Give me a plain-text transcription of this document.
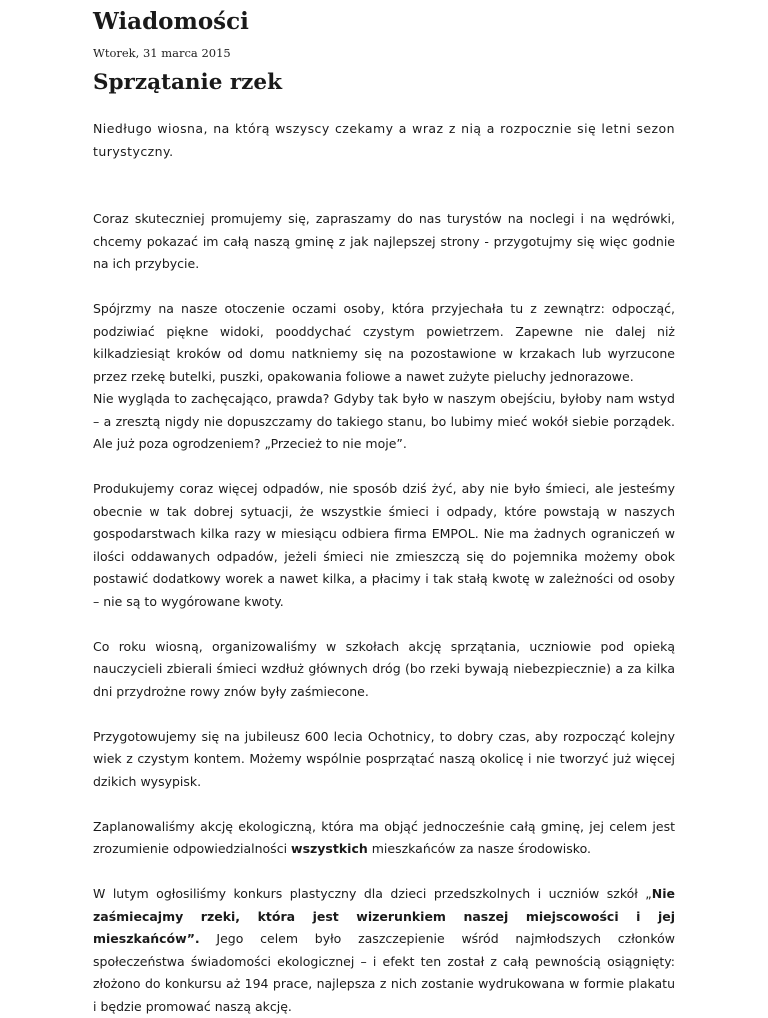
Wiadomości
Wtorek, 31 marca 2015
Sprzątanie rzek

Niedługo wiosna, na którą wszyscy czekamy a wraz z nią a rozpocznie się letni sezon turystyczny.

Coraz skuteczniej promujemy się, zapraszamy do nas turystów na noclegi i na wędrówki, chcemy pokazać im całą naszą gminę z jak najlepszej strony - przygotujmy się więc godnie na ich przybycie.

Spójrzmy na nasze otoczenie oczami osoby, która przyjechała tu z zewnątrz: odpocząć, podziwiać piękne widoki, pooddychać czystym powietrzem. Zapewne nie dalej niż kilkadziesiąt kroków od domu natkniemy się na pozostawione w krzakach lub wyrzucone przez rzekę butelki, puszki, opakowania foliowe a nawet zużyte pieluchy jednorazowe.

Nie wygląda to zachęcająco, prawda? Gdyby tak było w naszym obejściu, byłoby nam wstyd – a zresztą nigdy nie dopuszczamy do takiego stanu, bo lubimy mieć wokół siebie porządek. Ale już poza ogrodzeniem? „Przecież to nie moje”.

Produkujemy coraz więcej odpadów, nie sposób dziś żyć, aby nie było śmieci, ale jesteśmy obecnie w tak dobrej sytuacji, że wszystkie śmieci i odpady, które powstają w naszych gospodarstwach kilka razy w miesiącu odbiera firma EMPOL. Nie ma żadnych ograniczeń w ilości oddawanych odpadów, jeżeli śmieci nie zmieszczą się do pojemnika możemy obok postawić dodatkowy worek a nawet kilka, a płacimy i tak stałą kwotę w zależności od osoby – nie są to wygórowane kwoty.

Co roku wiosną, organizowaliśmy w szkołach akcję sprzątania, uczniowie pod opieką nauczycieli zbierali śmieci wzdłuż głównych dróg (bo rzeki bywają niebezpiecznie) a za kilka dni przydrożne rowy znów były zaśmiecone.

Przygotowujemy się na jubileusz 600 lecia Ochotnicy, to dobry czas, aby rozpocząć kolejny wiek z czystym kontem. Możemy wspólnie posprzątać naszą okolicę i nie tworzyć już więcej dzikich wysypisk.

Zaplanowaliśmy akcję ekologiczną, która ma objąć jednocześnie całą gminę, jej celem jest zrozumienie odpowiedzialności wszystkich mieszkańców za nasze środowisko.

W lutym ogłosiliśmy konkurs plastyczny dla dzieci przedszkolnych i uczniów szkół „Nie zaśmiecajmy rzeki, która jest wizerunkiem naszej miejscowości i jej mieszkańców”. Jego celem było zaszczepienie wśród najmłodszych członków społeczeństwa świadomości ekologicznej – i efekt ten został z całą pewnością osiągnięty: złożono do konkursu aż 194 prace, najlepsza z nich zostanie wydrukowana w formie plakatu i będzie promować naszą akcję.
